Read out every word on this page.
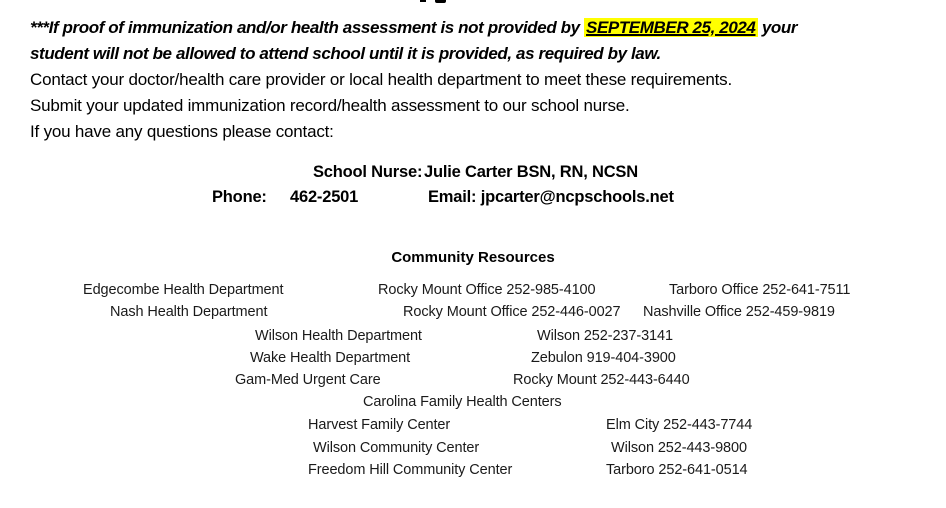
***If proof of immunization and/or health assessment is not provided by SEPTEMBER 25, 2024 your
student will not be allowed to attend school until it is provided, as required by law.
Contact your doctor/health care provider or local health department to meet these requirements.
Submit your updated immunization record/health assessment to our school nurse.
If you have any questions please contact:
School Nurse: Julie Carter BSN, RN, NCSN
Phone: 462-2501	Email: jpcarter@ncpschools.net
Community Resources
Edgecombe Health Department	Rocky Mount Office 252-985-4100	Tarboro Office 252-641-7511
Nash Health Department	Rocky Mount Office 252-446-0027 Nashville Office 252-459-9819
Wilson Health Department	Wilson 252-237-3141
Wake Health Department	Zebulon 919-404-3900
Gam-Med Urgent Care	Rocky Mount 252-443-6440
Carolina Family Health Centers
Harvest Family Center	Elm City 252-443-7744
Wilson Community Center	Wilson 252-443-9800
Freedom Hill Community Center	Tarboro 252-641-0514
